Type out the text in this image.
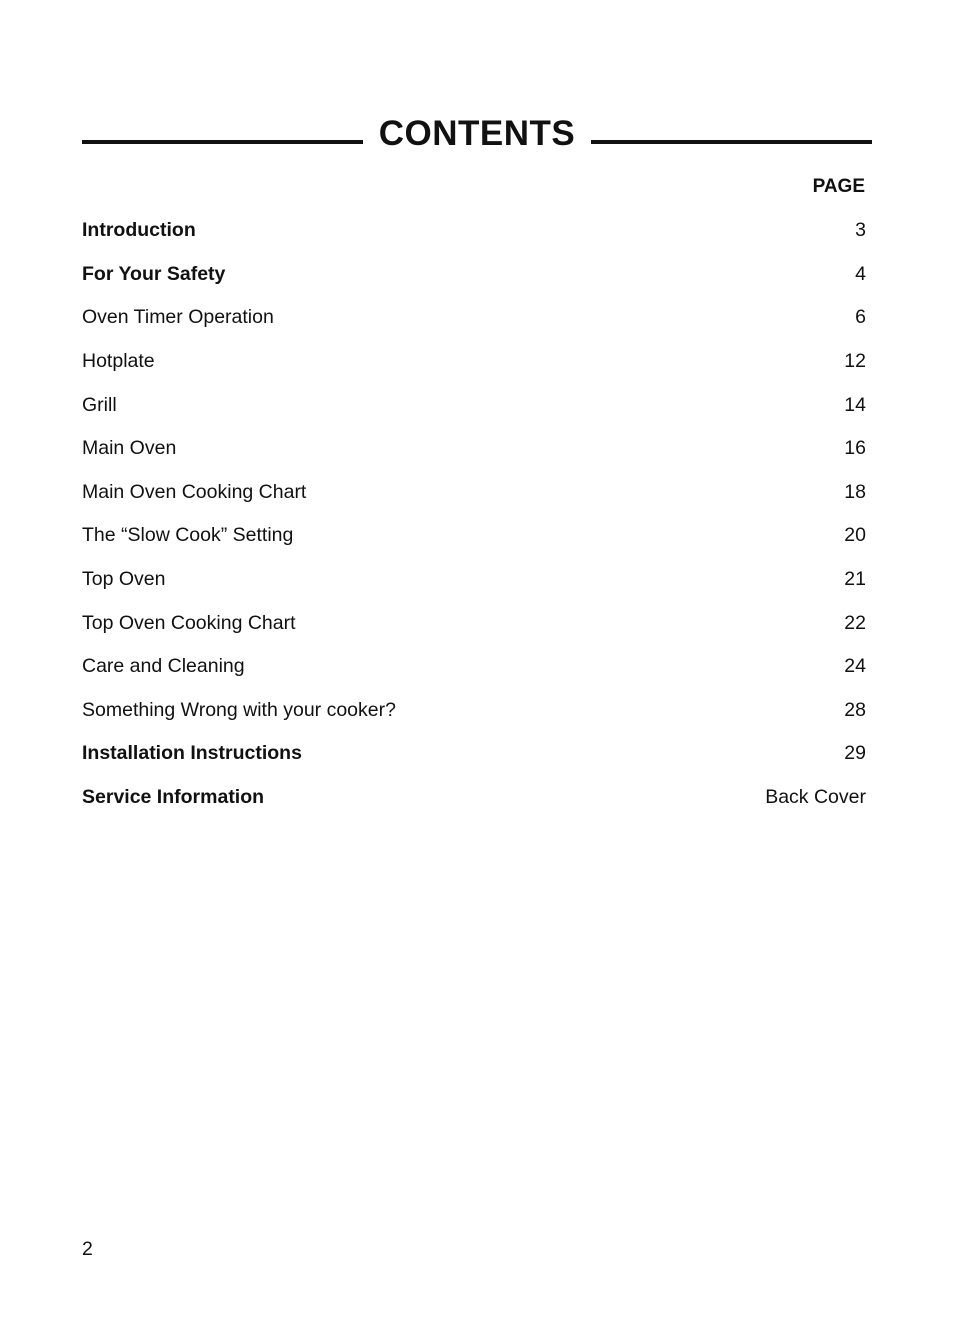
CONTENTS
PAGE
Introduction	3
For Your Safety	4
Oven Timer Operation	6
Hotplate	12
Grill	14
Main Oven	16
Main Oven Cooking Chart	18
The “Slow Cook” Setting	20
Top Oven	21
Top Oven Cooking Chart	22
Care and Cleaning	24
Something Wrong with your cooker?	28
Installation Instructions	29
Service Information	Back Cover
2
